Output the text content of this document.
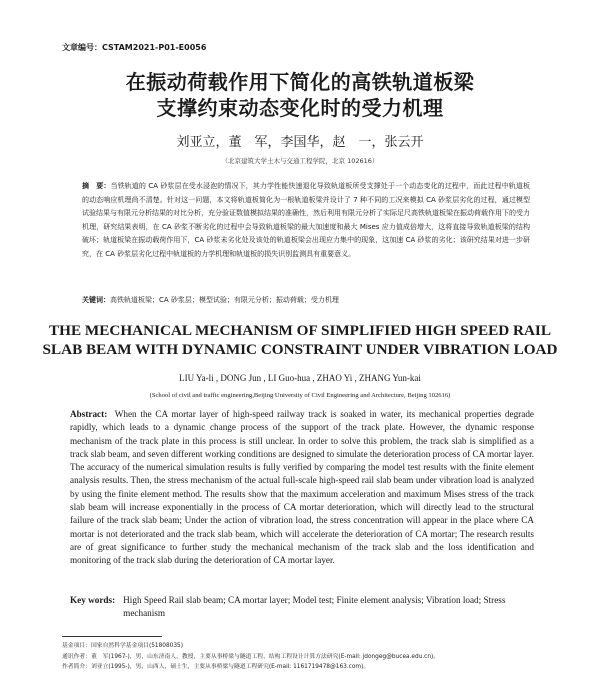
文章编号：CSTAM2021-P01-E0056
在振动荷载作用下简化的高铁轨道板梁
支撑约束动态变化时的受力机理
刘亚立，董　军，李国华，赵　一，张云开
（北京建筑大学土木与交通工程学院，北京 102616）
摘　要：当铁轨道的 CA 砂浆层在受水浸泡的情况下，其力学性能快速退化导致轨道板所受支撑处于一个动态变化的过程中，而此过程中轨道板的动态响应机理尚不清楚。针对这一问题，本文将轨道板简化为一根轨道板梁并设计了 7 种不同的工况来模拟 CA 砂浆层劣化的过程，通过模型试验结果与有限元分析结果的对比分析，充分验证数值模拟结果的准确性，然后利用有限元分析了实际足尺高铁轨道板梁在振动荷载作用下的受力机理，研究结果表明，在 CA 砂浆不断劣化的过程中会导致轨道板梁的最大加速度和最大 Mises 应力值成倍增大，这将直接导致轨道板梁的结构破坏；轨道板梁在振动载荷作用下，CA 砂浆未劣化处及该处的轨道板梁会出现应力集中的现象，这加速 CA 砂浆的劣化；该研究结果对进一步研究，在 CA 砂浆层劣化过程中轨道板的力学机理和轨道板的损失识别监测具有重要意义。
关键词：高铁轨道板梁；CA 砂浆层；模型试验；有限元分析；振动荷载；受力机理
THE MECHANICAL MECHANISM OF SIMPLIFIED HIGH SPEED RAIL
SLAB BEAM WITH DYNAMIC CONSTRAINT UNDER VIBRATION LOAD
LIU Ya-li , DONG Jun , LI Guo-hua , ZHAO Yi , ZHANG Yun-kai
(School of civil and traffic engineering,Beijing University of Civil Engineering and Architecture, Beijing 102616)
Abstract: When the CA mortar layer of high-speed railway track is soaked in water, its mechanical properties degrade rapidly, which leads to a dynamic change process of the support of the track plate. However, the dynamic response mechanism of the track plate in this process is still unclear. In order to solve this problem, the track slab is simplified as a track slab beam, and seven different working conditions are designed to simulate the deterioration process of CA mortar layer. The accuracy of the numerical simulation results is fully verified by comparing the model test results with the finite element analysis results. Then, the stress mechanism of the actual full-scale high-speed rail slab beam under vibration load is analyzed by using the finite element method. The results show that the maximum acceleration and maximum Mises stress of the track slab beam will increase exponentially in the process of CA mortar deterioration, which will directly lead to the structural failure of the track slab beam; Under the action of vibration load, the stress concentration will appear in the place where CA mortar is not deteriorated and the track slab beam, which will accelerate the deterioration of CA mortar; The research results are of great significance to further study the mechanical mechanism of the track slab and the loss identification and monitoring of the track slab during the deterioration of CA mortar layer.
Key words: High Speed Rail slab beam; CA mortar layer; Model test; Finite element analysis; Vibration load; Stress mechanism
基金项目：国家自然科学基金项目(51808035)
通讯作者：董　军(1967-)，男，山东济南人，教授，主要从事桥梁与隧道工程、结构工程设计计算方法研究(E-mail: jdongeg@bucea.edu.cn)。
作者简介：刘亚立(1995-)，男，山西人，硕士生，主要从事桥梁与隧道工程研究(E-mail: 1161719478@163.com)。
